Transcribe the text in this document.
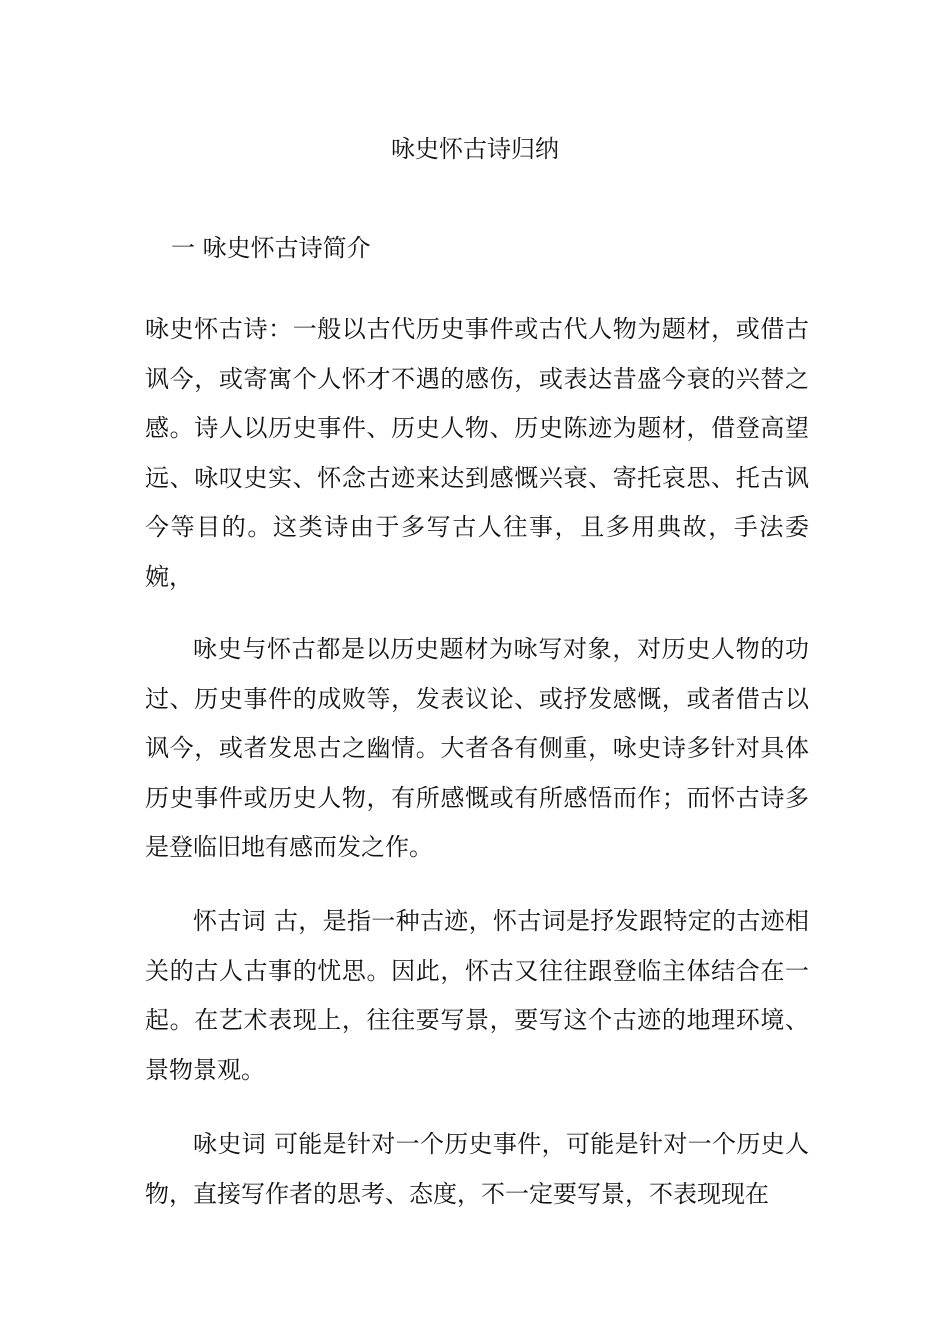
咏史怀古诗归纳
一 咏史怀古诗简介

咏史怀古诗：一般以古代历史事件或古代人物为题材，或借古讽今，或寄寓个人怀才不遇的感伤，或表达昔盛今衰的兴替之感。诗人以历史事件、历史人物、历史陈迹为题材，借登高望远、咏叹史实、怀念古迹来达到感慨兴衰、寄托哀思、托古讽今等目的。这类诗由于多写古人往事，且多用典故，手法委婉，

咏史与怀古都是以历史题材为咏写对象，对历史人物的功过、历史事件的成败等，发表议论、或抒发感慨，或者借古以讽今，或者发思古之幽情。大者各有侧重，咏史诗多针对具体历史事件或历史人物，有所感慨或有所感悟而作；而怀古诗多是登临旧地有感而发之作。

怀古词 古，是指一种古迹，怀古词是抒发跟特定的古迹相关的古人古事的忧思。因此，怀古又往往跟登临主体结合在一起。在艺术表现上，往往要写景，要写这个古迹的地理环境、景物景观。

咏史词 可能是针对一个历史事件，可能是针对一个历史人物，直接写作者的思考、态度，不一定要写景，不表现现在
